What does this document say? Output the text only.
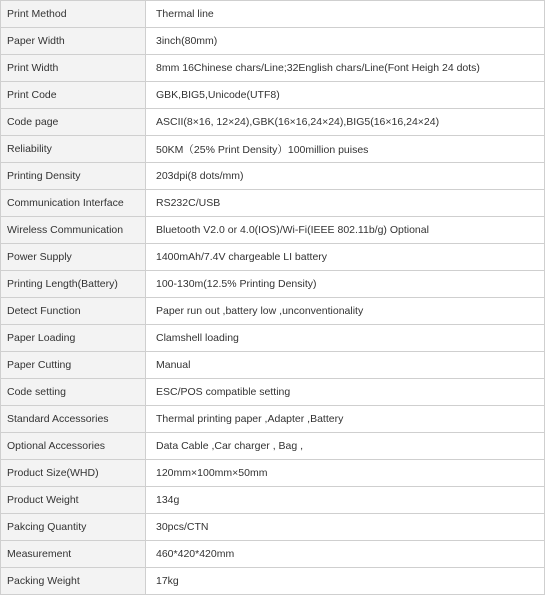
Print Method	Thermal line
Paper Width	3inch(80mm)
Print Width	8mm 16Chinese chars/Line;32English chars/Line(Font Heigh 24 dots)
Print Code	GBK,BIG5,Unicode(UTF8)
Code page	ASCII(8×16, 12×24),GBK(16×16,24×24),BIG5(16×16,24×24)
Reliability	50KM（25% Print Density）100million puises
Printing Density	203dpi(8 dots/mm)
Communication Interface	RS232C/USB
Wireless Communication	Bluetooth V2.0 or 4.0(IOS)/Wi-Fi(IEEE 802.11b/g) Optional
Power Supply	1400mAh/7.4V chargeable LI battery
Printing Length(Battery)	100-130m(12.5% Printing Density)
Detect Function	Paper run out ,battery low ,unconventionality
Paper Loading	Clamshell loading
Paper Cutting	Manual
Code setting	ESC/POS compatible setting
Standard Accessories	Thermal printing paper ,Adapter ,Battery
Optional Accessories	Data Cable ,Car charger , Bag ,
Product Size(WHD)	120mm×100mm×50mm
Product Weight	134g
Pakcing Quantity	30pcs/CTN
Measurement	460*420*420mm
Packing Weight	17kg
